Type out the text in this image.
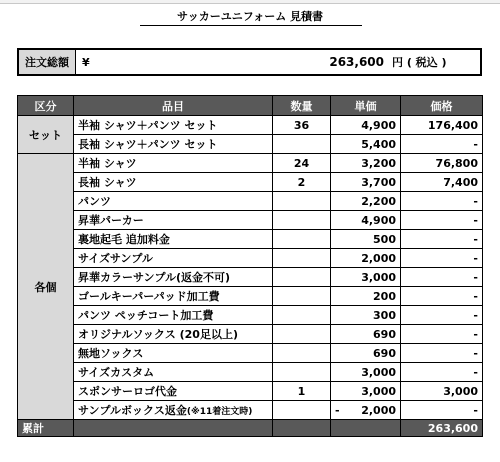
サッカーユニフォーム 見積書
注文総額	¥	263,600 円 ( 税込 )
区分	品目	数量	単価	価格
セット	半袖 シャツ＋パンツ セット	36	4,900	176,400
	長袖 シャツ＋パンツ セット		5,400	-
各個	半袖 シャツ	24	3,200	76,800
	長袖 シャツ	2	3,700	7,400
	パンツ		2,200	-
	昇華パーカー		4,900	-
	裏地起毛 追加料金		500	-
	サイズサンプル		2,000	-
	昇華カラーサンプル(返金不可)		3,000	-
	ゴールキーパーパッド加工費		200	-
	パンツ ペッチコート加工費		300	-
	オリジナルソックス (20足以上)		690	-
	無地ソックス		690	-
	サイズカスタム		3,000	-
	スポンサーロゴ代金	1	3,000	3,000
	サンプルボックス返金(※11着注文時)		- 2,000	-
累計				263,600
